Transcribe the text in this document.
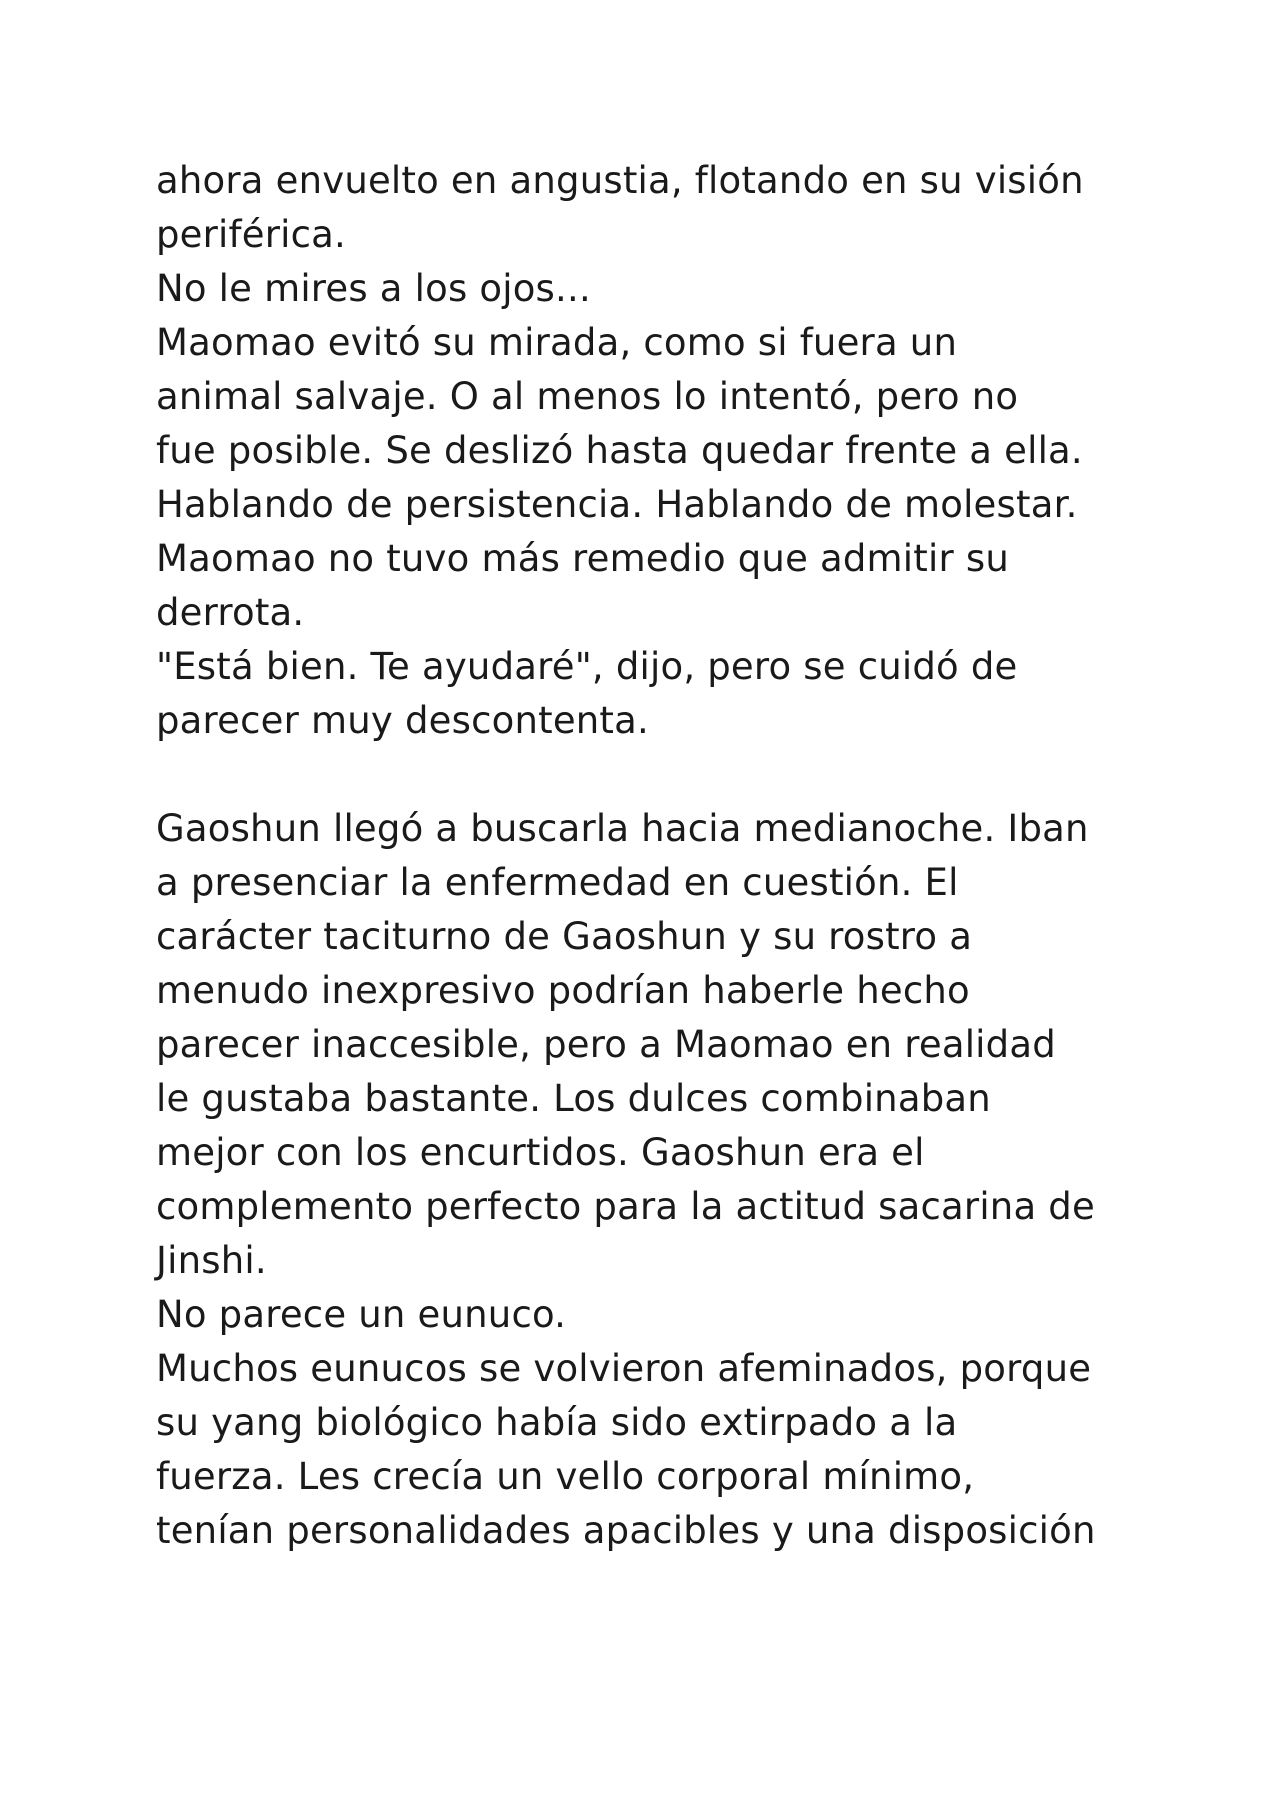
ahora envuelto en angustia, flotando en su visión
periférica.
No le mires a los ojos...
Maomao evitó su mirada, como si fuera un
animal salvaje. O al menos lo intentó, pero no
fue posible. Se deslizó hasta quedar frente a ella.
Hablando de persistencia. Hablando de molestar.
Maomao no tuvo más remedio que admitir su
derrota.
"Está bien. Te ayudaré", dijo, pero se cuidó de
parecer muy descontenta.
Gaoshun llegó a buscarla hacia medianoche. Iban
a presenciar la enfermedad en cuestión. El
carácter taciturno de Gaoshun y su rostro a
menudo inexpresivo podrían haberle hecho
parecer inaccesible, pero a Maomao en realidad
le gustaba bastante. Los dulces combinaban
mejor con los encurtidos. Gaoshun era el
complemento perfecto para la actitud sacarina de
Jinshi.
No parece un eunuco.
Muchos eunucos se volvieron afeminados, porque
su yang biológico había sido extirpado a la
fuerza. Les crecía un vello corporal mínimo,
tenían personalidades apacibles y una disposición
